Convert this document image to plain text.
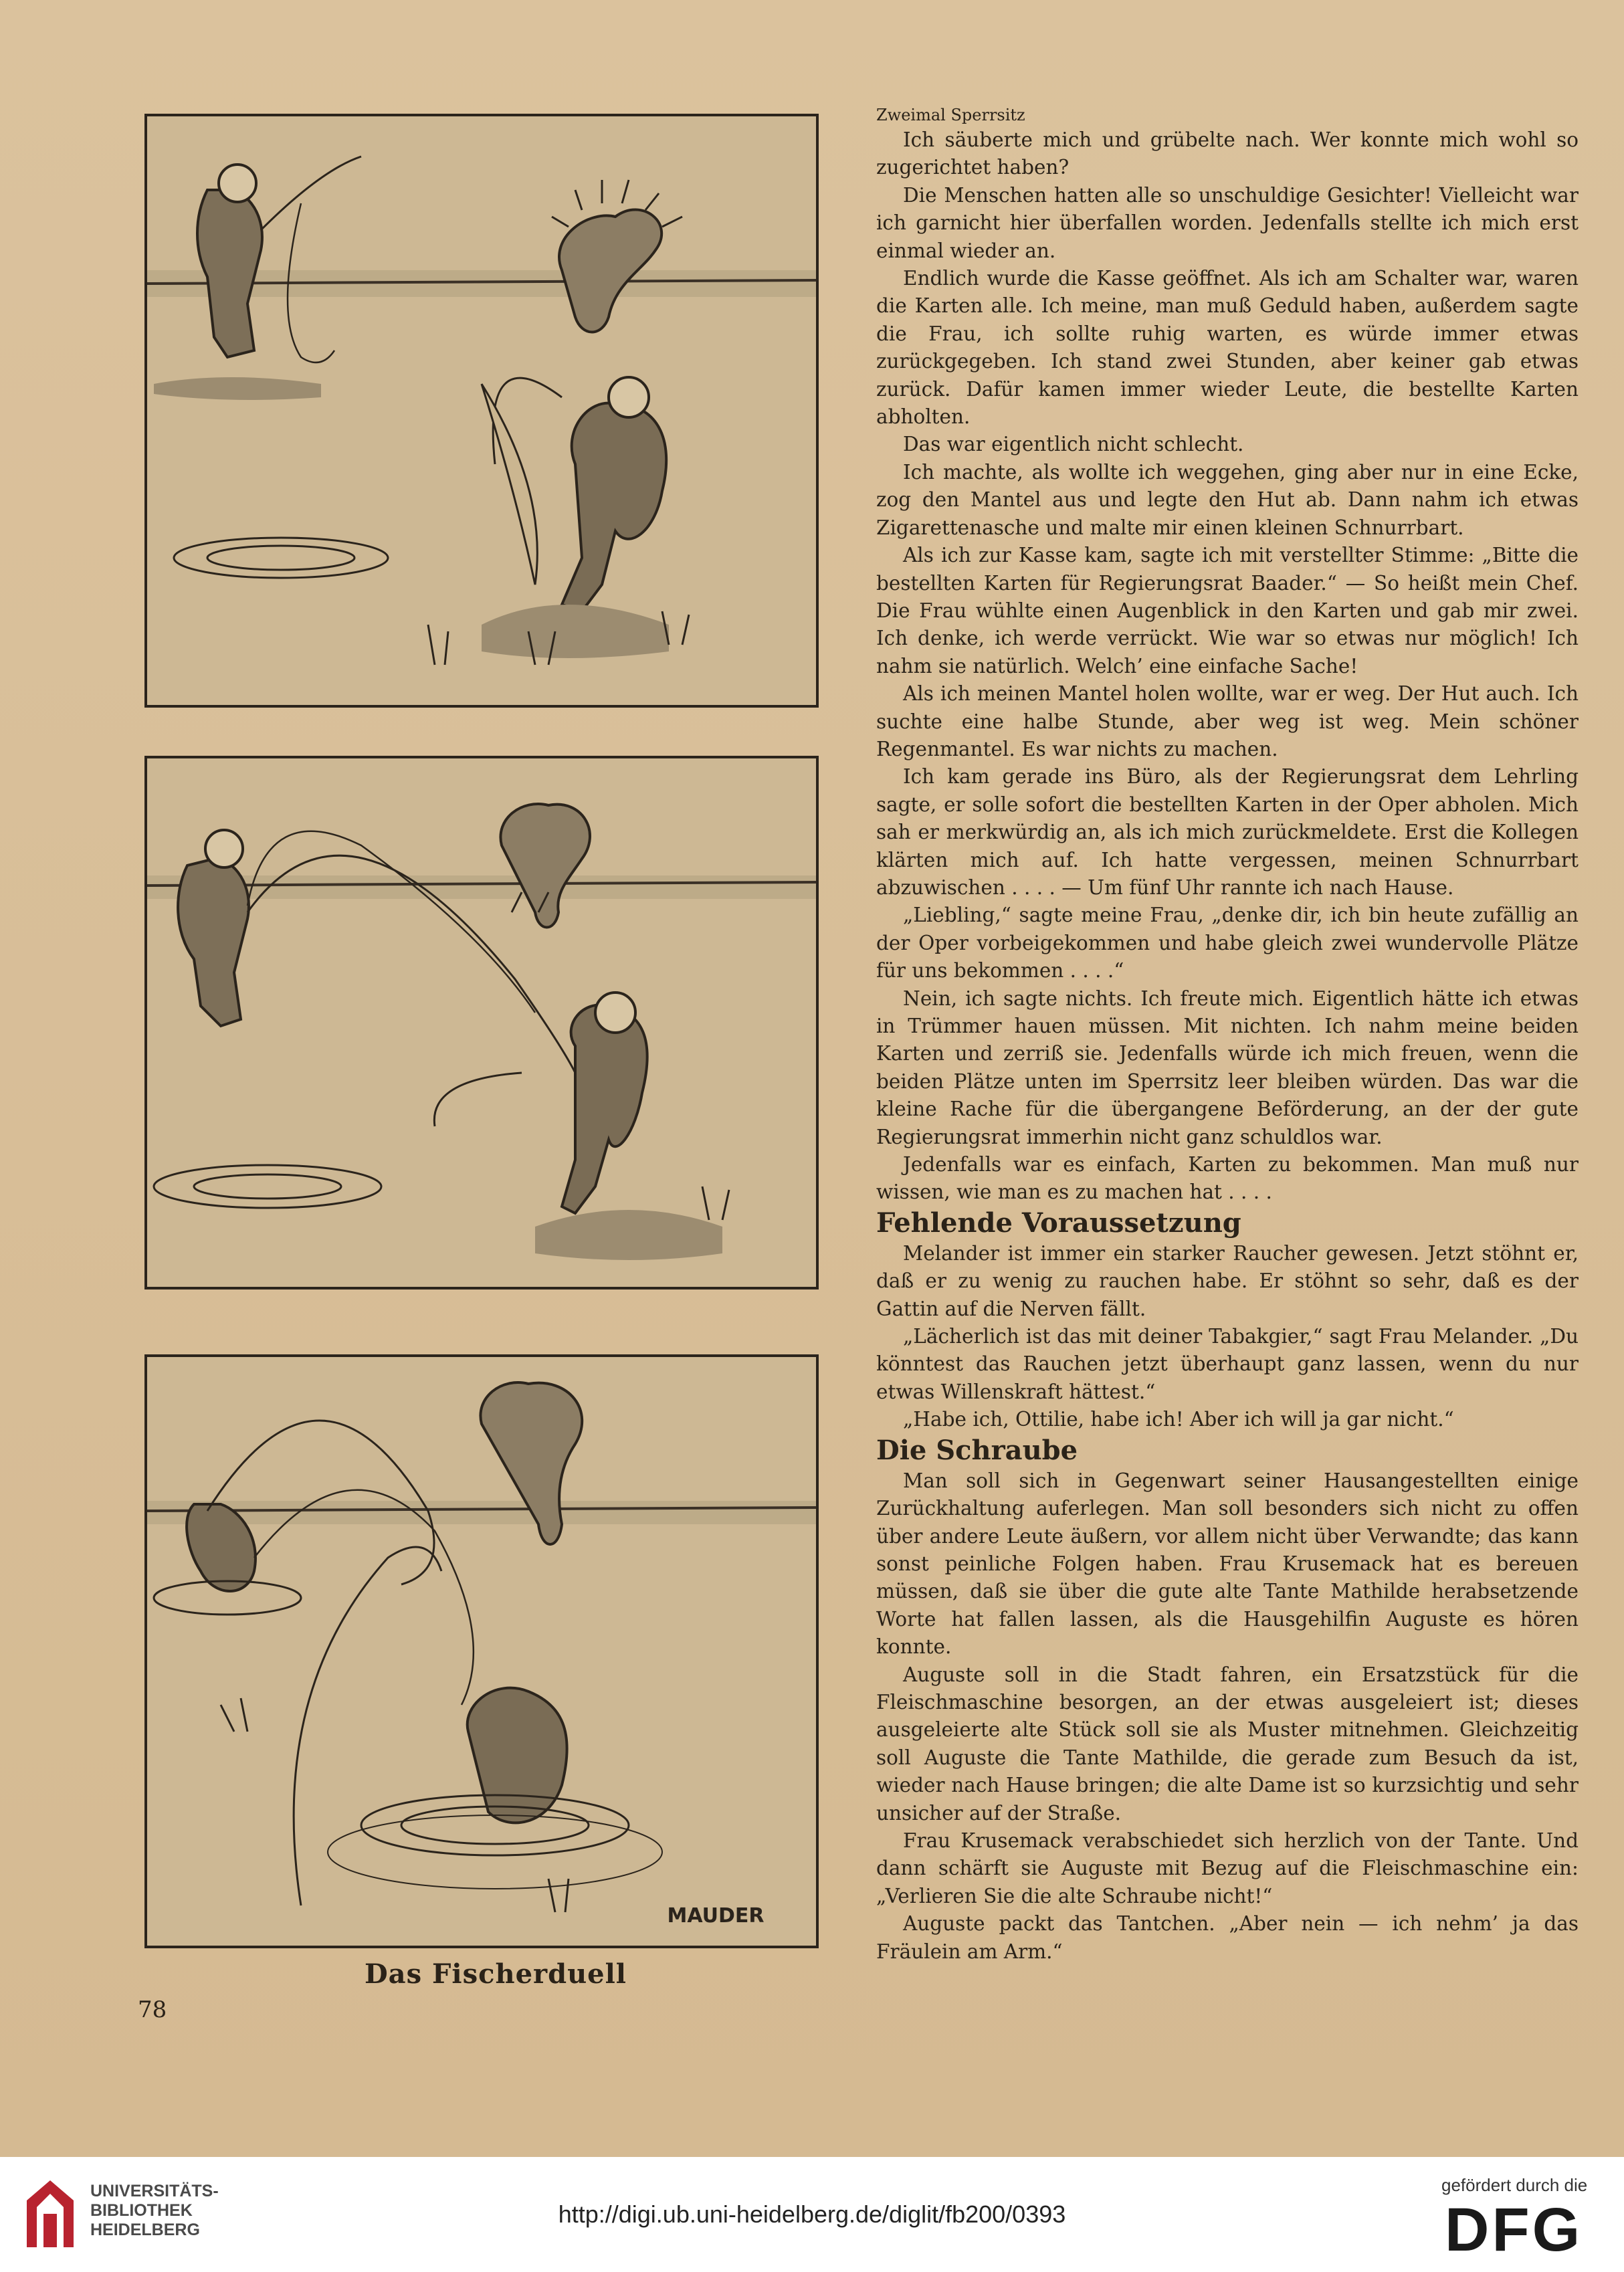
MAUDER
Das Fischerduell
78
Zweimal Sperrsitz

Ich säuberte mich und grübelte nach. Wer konnte mich wohl so zugerichtet haben?

Die Menschen hatten alle so unschuldige Gesichter! Vielleicht war ich garnicht hier überfallen worden. Jedenfalls stellte ich mich erst einmal wieder an.

Endlich wurde die Kasse geöffnet. Als ich am Schalter war, waren die Karten alle. Ich meine, man muß Geduld haben, außerdem sagte die Frau, ich sollte ruhig warten, es würde immer etwas zurückgegeben. Ich stand zwei Stunden, aber keiner gab etwas zurück. Dafür kamen immer wieder Leute, die bestellte Karten abholten.

Das war eigentlich nicht schlecht.

Ich machte, als wollte ich weggehen, ging aber nur in eine Ecke, zog den Mantel aus und legte den Hut ab. Dann nahm ich etwas Zigarettenasche und malte mir einen kleinen Schnurrbart.

Als ich zur Kasse kam, sagte ich mit verstellter Stimme: „Bitte die bestellten Karten für Regierungsrat Baader.“ — So heißt mein Chef. Die Frau wühlte einen Augenblick in den Karten und gab mir zwei. Ich denke, ich werde verrückt. Wie war so etwas nur möglich! Ich nahm sie natürlich. Welch’ eine einfache Sache!

Als ich meinen Mantel holen wollte, war er weg. Der Hut auch. Ich suchte eine halbe Stunde, aber weg ist weg. Mein schöner Regenmantel. Es war nichts zu machen.

Ich kam gerade ins Büro, als der Regierungsrat dem Lehrling sagte, er solle sofort die bestellten Karten in der Oper abholen. Mich sah er merkwürdig an, als ich mich zurückmeldete. Erst die Kollegen klärten mich auf. Ich hatte vergessen, meinen Schnurrbart abzuwischen . . . . — Um fünf Uhr rannte ich nach Hause.

„Liebling,“ sagte meine Frau, „denke dir, ich bin heute zufällig an der Oper vorbeigekommen und habe gleich zwei wundervolle Plätze für uns bekommen . . . .“

Nein, ich sagte nichts. Ich freute mich. Eigentlich hätte ich etwas in Trümmer hauen müssen. Mit nichten. Ich nahm meine beiden Karten und zerriß sie. Jedenfalls würde ich mich freuen, wenn die beiden Plätze unten im Sperrsitz leer bleiben würden. Das war die kleine Rache für die übergangene Beförderung, an der der gute Regierungsrat immerhin nicht ganz schuldlos war.

Jedenfalls war es einfach, Karten zu bekommen. Man muß nur wissen, wie man es zu machen hat . . . .

Fehlende Voraussetzung

Melander ist immer ein starker Raucher gewesen. Jetzt stöhnt er, daß er zu wenig zu rauchen habe. Er stöhnt so sehr, daß es der Gattin auf die Nerven fällt.

„Lächerlich ist das mit deiner Tabakgier,“ sagt Frau Melander. „Du könntest das Rauchen jetzt überhaupt ganz lassen, wenn du nur etwas Willenskraft hättest.“

„Habe ich, Ottilie, habe ich! Aber ich will ja gar nicht.“

Die Schraube

Man soll sich in Gegenwart seiner Hausangestellten einige Zurückhaltung auferlegen. Man soll besonders sich nicht zu offen über andere Leute äußern, vor allem nicht über Verwandte; das kann sonst peinliche Folgen haben. Frau Krusemack hat es bereuen müssen, daß sie über die gute alte Tante Mathilde herabsetzende Worte hat fallen lassen, als die Hausgehilfin Auguste es hören konnte.

Auguste soll in die Stadt fahren, ein Ersatzstück für die Fleischmaschine besorgen, an der etwas ausgeleiert ist; dieses ausgeleierte alte Stück soll sie als Muster mitnehmen. Gleichzeitig soll Auguste die Tante Mathilde, die gerade zum Besuch da ist, wieder nach Hause bringen; die alte Dame ist so kurzsichtig und sehr unsicher auf der Straße.

Frau Krusemack verabschiedet sich herzlich von der Tante. Und dann schärft sie Auguste mit Bezug auf die Fleischmaschine ein: „Verlieren Sie die alte Schraube nicht!“

Auguste packt das Tantchen. „Aber nein — ich nehm’ ja das Fräulein am Arm.“

UNIVERSITÄTS-
BIBLIOTHEK
HEIDELBERG
http://digi.ub.uni-heidelberg.de/diglit/fb200/0393
gefördert durch die
DFG
